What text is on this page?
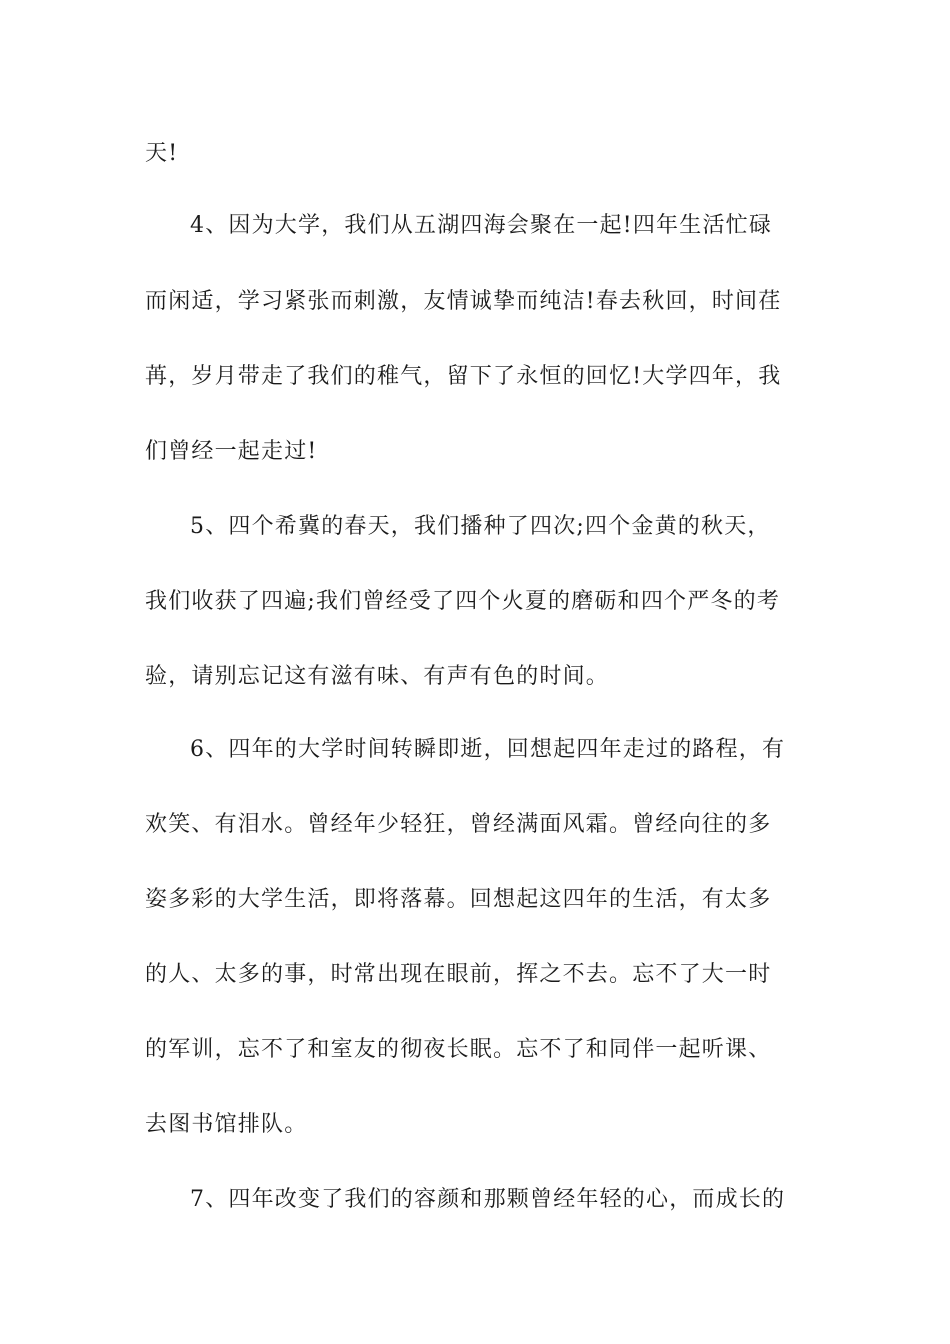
天!
4、因为大学，我们从五湖四海会聚在一起!四年生活忙碌
而闲适，学习紧张而刺激，友情诚挚而纯洁!春去秋回，时间荏
苒，岁月带走了我们的稚气，留下了永恒的回忆!大学四年，我
们曾经一起走过!
5、四个希冀的春天，我们播种了四次;四个金黄的秋天，
我们收获了四遍;我们曾经受了四个火夏的磨砺和四个严冬的考
验，请别忘记这有滋有味、有声有色的时间。
6、四年的大学时间转瞬即逝，回想起四年走过的路程，有
欢笑、有泪水。曾经年少轻狂，曾经满面风霜。曾经向往的多
姿多彩的大学生活，即将落幕。回想起这四年的生活，有太多
的人、太多的事，时常出现在眼前，挥之不去。忘不了大一时
的军训，忘不了和室友的彻夜长眠。忘不了和同伴一起听课、
去图书馆排队。
7、四年改变了我们的容颜和那颗曾经年轻的心，而成长的
